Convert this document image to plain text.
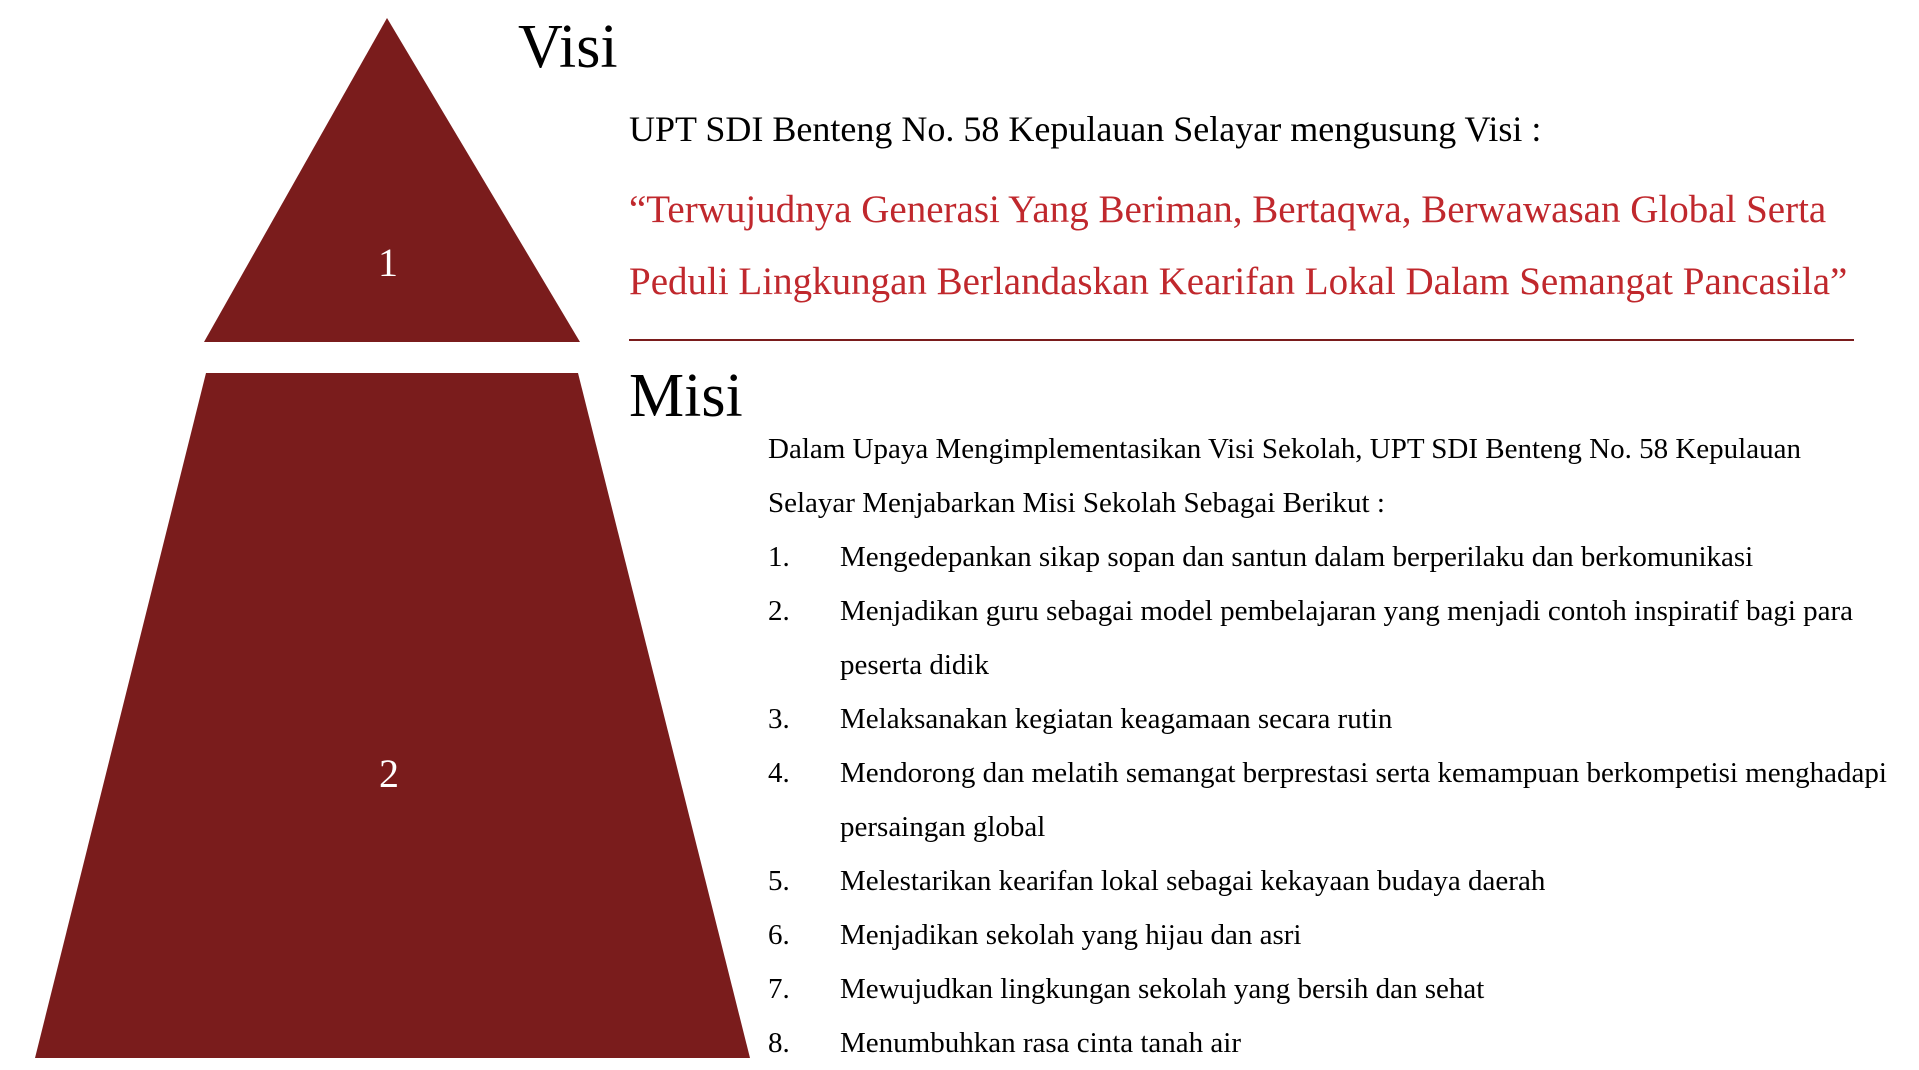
1
2
Visi
UPT SDI Benteng No. 58 Kepulauan Selayar mengusung Visi :
“Terwujudnya Generasi Yang Beriman, Bertaqwa, Berwawasan Global Serta Peduli Lingkungan Berlandaskan Kearifan Lokal Dalam Semangat Pancasila”
Misi
Dalam Upaya Mengimplementasikan Visi Sekolah, UPT SDI Benteng No. 58 Kepulauan Selayar Menjabarkan Misi Sekolah Sebagai Berikut :
1.	Mengedepankan sikap sopan dan santun dalam berperilaku dan berkomunikasi
2.	Menjadikan guru sebagai model pembelajaran yang menjadi contoh inspiratif bagi para peserta didik
3.	Melaksanakan kegiatan keagamaan secara rutin
4.	Mendorong dan melatih semangat berprestasi serta kemampuan berkompetisi menghadapi persaingan global
5.	Melestarikan kearifan lokal sebagai kekayaan budaya daerah
6.	Menjadikan sekolah yang hijau dan asri
7.	Mewujudkan lingkungan sekolah yang bersih dan sehat
8.	Menumbuhkan rasa cinta tanah air
